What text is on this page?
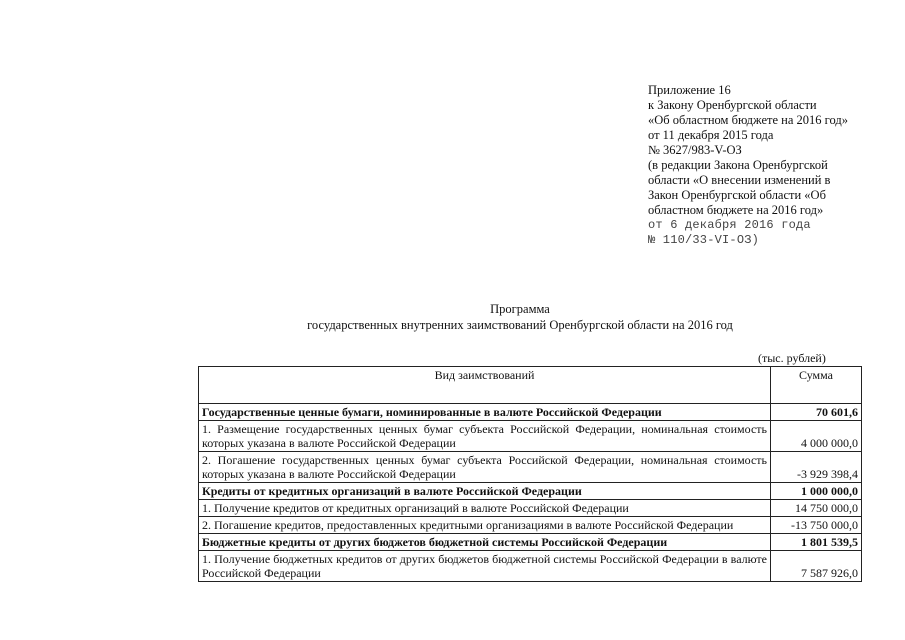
Приложение 16
к Закону Оренбургской области
«Об областном бюджете на 2016 год»
от 11 декабря 2015 года
№ 3627/983-V-ОЗ
(в редакции Закона Оренбургской
области «О внесении изменений в
Закон Оренбургской области «Об
областном бюджете на 2016 год»
от 6 декабря 2016 года
№ 110/33-VI-ОЗ)
Программа
государственных внутренних заимствований Оренбургской области на 2016 год
(тыс. рублей)
Вид заимствований	Сумма
Государственные ценные бумаги, номинированные в валюте Российской Федерации	70 601,6
1. Размещение государственных ценных бумаг субъекта Российской Федерации, номинальная стоимость которых указана в валюте Российской Федерации	4 000 000,0
2. Погашение государственных ценных бумаг субъекта Российской Федерации, номинальная стоимость которых указана в валюте Российской Федерации	-3 929 398,4
Кредиты от кредитных организаций в валюте Российской Федерации	1 000 000,0
1. Получение кредитов от кредитных организаций в валюте Российской Федерации	14 750 000,0
2. Погашение кредитов, предоставленных кредитными организациями в валюте Российской Федерации	-13 750 000,0
Бюджетные кредиты от других бюджетов бюджетной системы Российской Федерации	1 801 539,5
1. Получение бюджетных кредитов от других бюджетов бюджетной системы Российской Федерации в валюте Российской Федерации	7 587 926,0
